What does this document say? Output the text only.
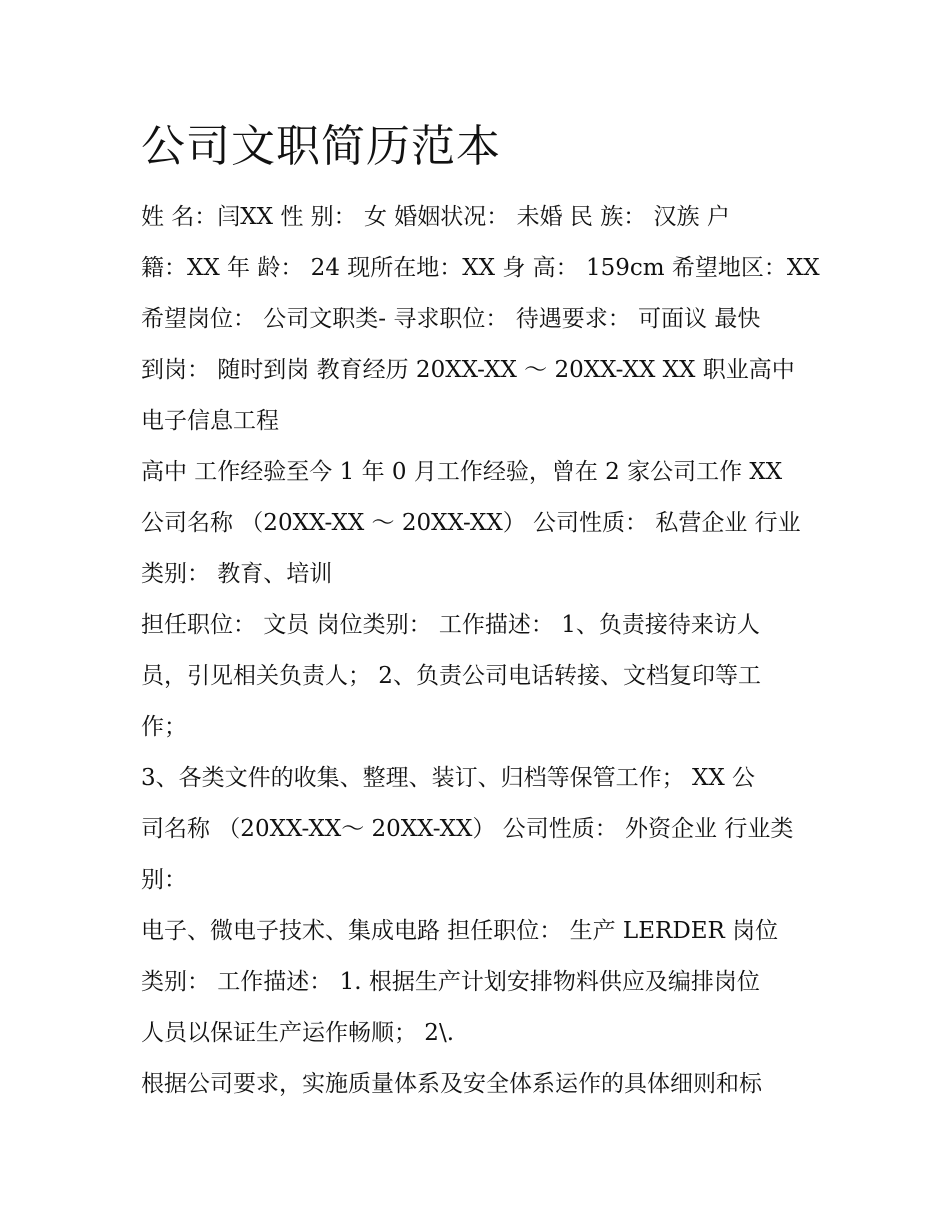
公司文职简历范本

姓 名：闫XX 性 别： 女 婚姻状况： 未婚 民 族： 汉族 户

籍：XX 年 龄： 24 现所在地：XX 身 高： 159cm 希望地区：XX

希望岗位： 公司文职类- 寻求职位： 待遇要求： 可面议 最快

到岗： 随时到岗 教育经历 20XX-XX ～ 20XX-XX XX 职业高中

电子信息工程

高中 工作经验至今 1 年 0 月工作经验，曾在 2 家公司工作 XX

公司名称 （20XX-XX ～ 20XX-XX） 公司性质： 私营企业 行业

类别： 教育、培训

担任职位： 文员 岗位类别： 工作描述： 1、负责接待来访人

员，引见相关负责人； 2、负责公司电话转接、文档复印等工

作；

3、各类文件的收集、整理、装订、归档等保管工作； XX 公

司名称 （20XX-XX～ 20XX-XX） 公司性质： 外资企业 行业类

别：

电子、微电子技术、集成电路 担任职位： 生产 LERDER 岗位

类别： 工作描述： 1. 根据生产计划安排物料供应及编排岗位

人员以保证生产运作畅顺； 2\.

根据公司要求，实施质量体系及安全体系运作的具体细则和标
